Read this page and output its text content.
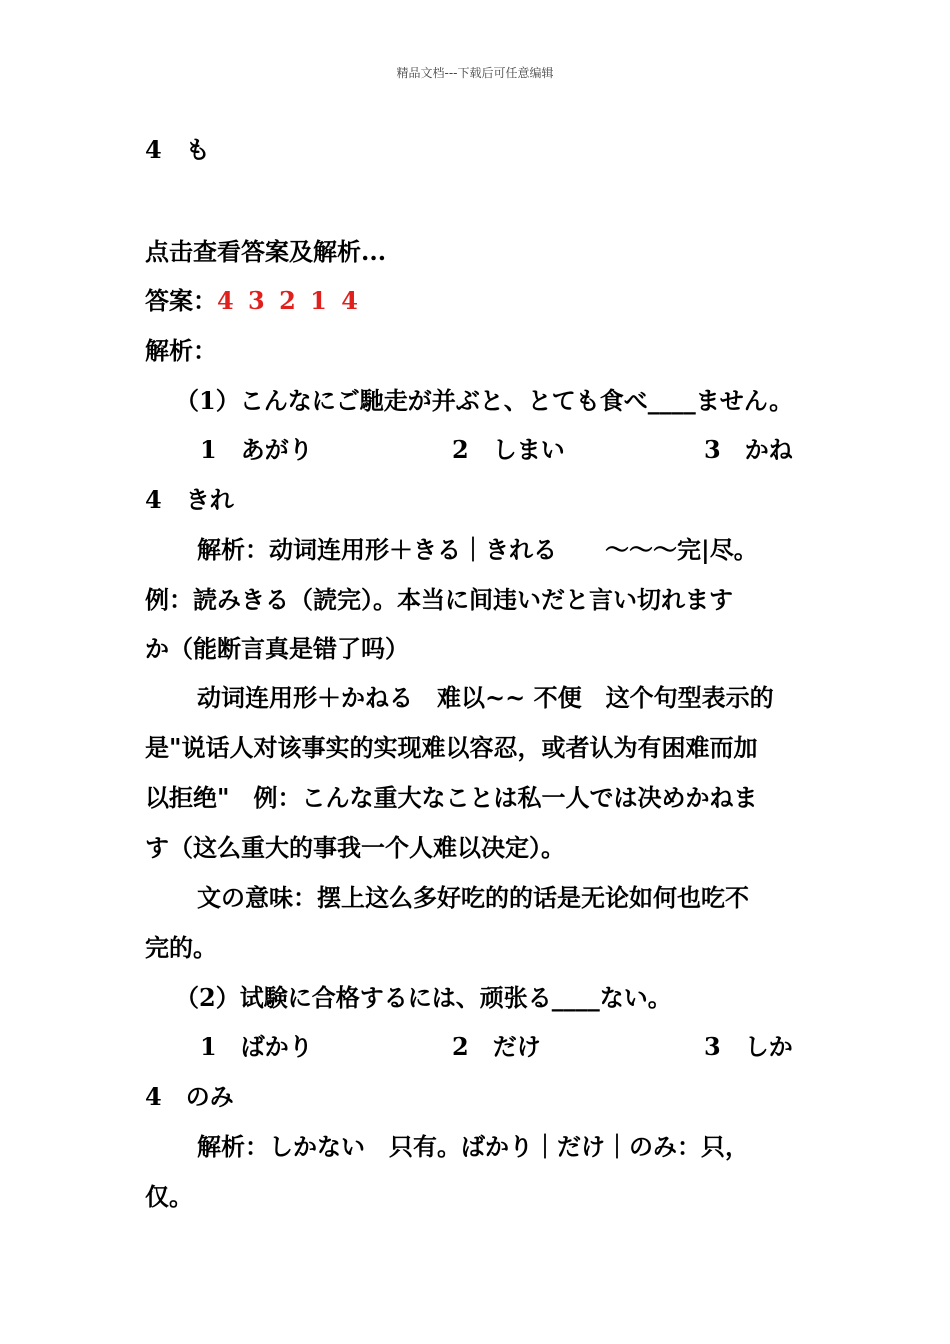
精品文档---下载后可任意编辑
4　も
点击查看答案及解析...
答案：4 3 2 1 4
解析：
（1）こんなにご馳走が并ぶと、とても食べ____ません。
1　あがり	2　しまい	3　かね
4　きれ
解析：动词连用形＋きる｜きれる　　～～～完|尽。
例：読みきる（読完）。本当に间违いだと言い切れます
か（能断言真是错了吗）
动词连用形＋かねる　难以~~ 不便　这个句型表示的
是"说话人对该事实的实现难以容忍，或者认为有困难而加
以拒绝"　例：こんな重大なことは私一人では决めかねま
す（这么重大的事我一个人难以决定）。
文の意味：摆上这么多好吃的的话是无论如何也吃不
完的。
（2）试験に合格するには、顽张る____ない。
1　ばかり	2　だけ	3　しか
4　のみ
解析：しかない　只有。ばかり｜だけ｜のみ：只，
仅。
